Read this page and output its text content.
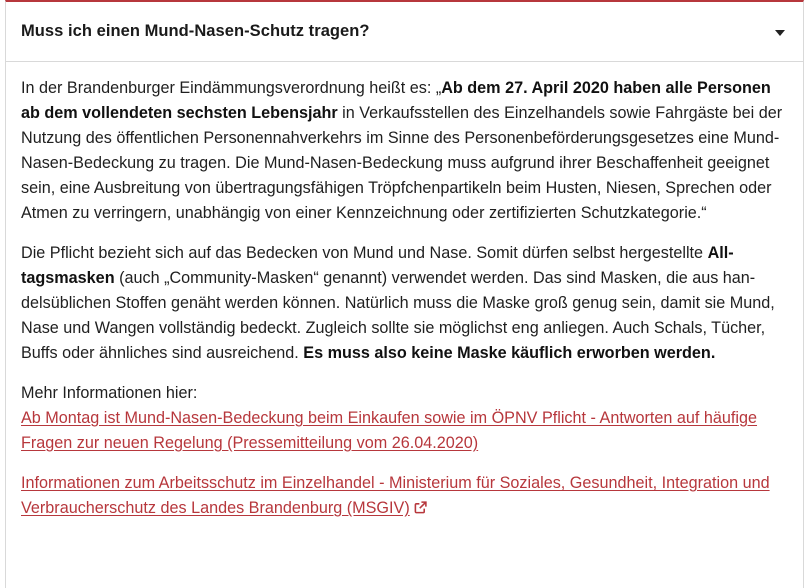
Muss ich einen Mund-Nasen-Schutz tragen?

In der Brandenburger Eindämmungsverordnung heißt es: „Ab dem 27. April 2020 haben alle Personen ab dem vollendeten sechsten Lebensjahr in Verkaufsstellen des Einzelhandels sowie Fahrgäste bei der Nutzung des öffentlichen Personennahverkehrs im Sinne des Personenbeförderungsgesetzes eine Mund-Nasen-Bedeckung zu tragen. Die Mund-Nasen-Bedeckung muss aufgrund ihrer Beschaffenheit geeignet sein, eine Ausbreitung von übertragungsfähigen Tröpfchenpartikeln beim Husten, Niesen, Sprechen oder Atmen zu verringern, unabhängig von einer Kennzeichnung oder zertifizierten Schutzkategorie.“

Die Pflicht bezieht sich auf das Bedecken von Mund und Nase. Somit dürfen selbst hergestellte Alltagsmasken (auch „Community-Masken“ genannt) verwendet werden. Das sind Masken, die aus handelsüblichen Stoffen genäht werden können. Natürlich muss die Maske groß genug sein, damit sie Mund, Nase und Wangen vollständig bedeckt. Zugleich sollte sie möglichst eng anliegen. Auch Schals, Tücher, Buffs oder ähnliches sind ausreichend. Es muss also keine Maske käuflich erworben werden.

Mehr Informationen hier:
Ab Montag ist Mund-Nasen-Bedeckung beim Einkaufen sowie im ÖPNV Pflicht - Antworten auf häufige Fragen zur neuen Regelung (Pressemitteilung vom 26.04.2020)

Informationen zum Arbeitsschutz im Einzelhandel - Ministerium für Soziales, Gesundheit, Integration und Verbraucherschutz des Landes Brandenburg (MSGIV)
